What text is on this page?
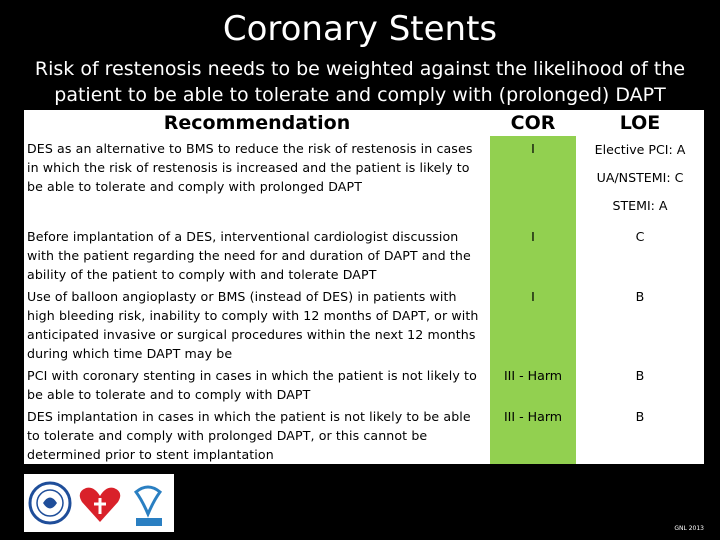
Coronary Stents
Risk of restenosis needs to be weighted against the likelihood of the patient to be able to tolerate and comply with (prolonged) DAPT
Recommendation	COR	LOE
DES as an alternative to BMS to reduce the risk of restenosis in cases in which the risk of restenosis is increased and the patient is likely to be able to tolerate and comply with prolonged DAPT	I	Elective PCI: A
UA/NSTEMI: C
STEMI: A

Before implantation of a DES, interventional cardiologist discussion with the patient regarding the need for and duration of DAPT and the ability of the patient to comply with and tolerate DAPT	I	C
Use of balloon angioplasty or BMS (instead of DES) in patients with high bleeding risk, inability to comply with 12 months of DAPT, or with anticipated invasive or surgical procedures within the next 12 months during which time DAPT may be	I	B
PCI with coronary stenting in cases in which the patient is not likely to be able to tolerate and to comply with DAPT	III - Harm	B
DES implantation in cases in which the patient is not likely to be able to tolerate and comply with prolonged DAPT, or this cannot be determined prior to stent implantation	III - Harm	B
GNL 2013
